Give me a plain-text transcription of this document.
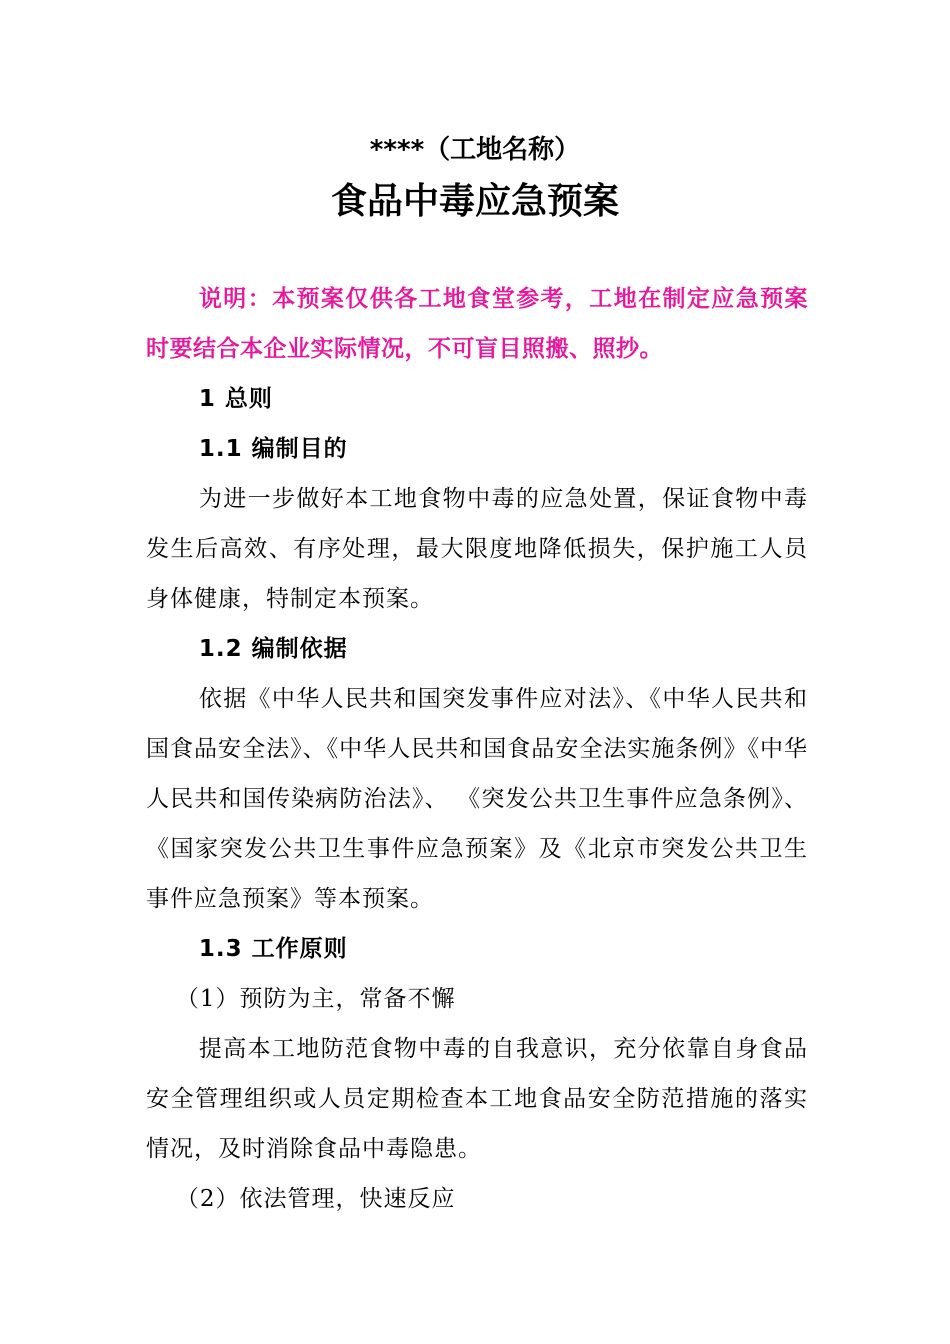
****（工地名称）
食品中毒应急预案

说明：本预案仅供各工地食堂参考，工地在制定应急预案时要结合本企业实际情况，不可盲目照搬、照抄。

1 总则

1.1 编制目的

为进一步做好本工地食物中毒的应急处置，保证食物中毒发生后高效、有序处理，最大限度地降低损失，保护施工人员身体健康，特制定本预案。

1.2 编制依据

依据《中华人民共和国突发事件应对法》、《中华人民共和国食品安全法》、《中华人民共和国食品安全法实施条例》《中华人民共和国传染病防治法》、 《突发公共卫生事件应急条例》、《国家突发公共卫生事件应急预案》及《北京市突发公共卫生事件应急预案》等本预案。

1.3 工作原则

（1）预防为主，常备不懈

提高本工地防范食物中毒的自我意识，充分依靠自身食品安全管理组织或人员定期检查本工地食品安全防范措施的落实情况，及时消除食品中毒隐患。

（2）依法管理，快速反应
